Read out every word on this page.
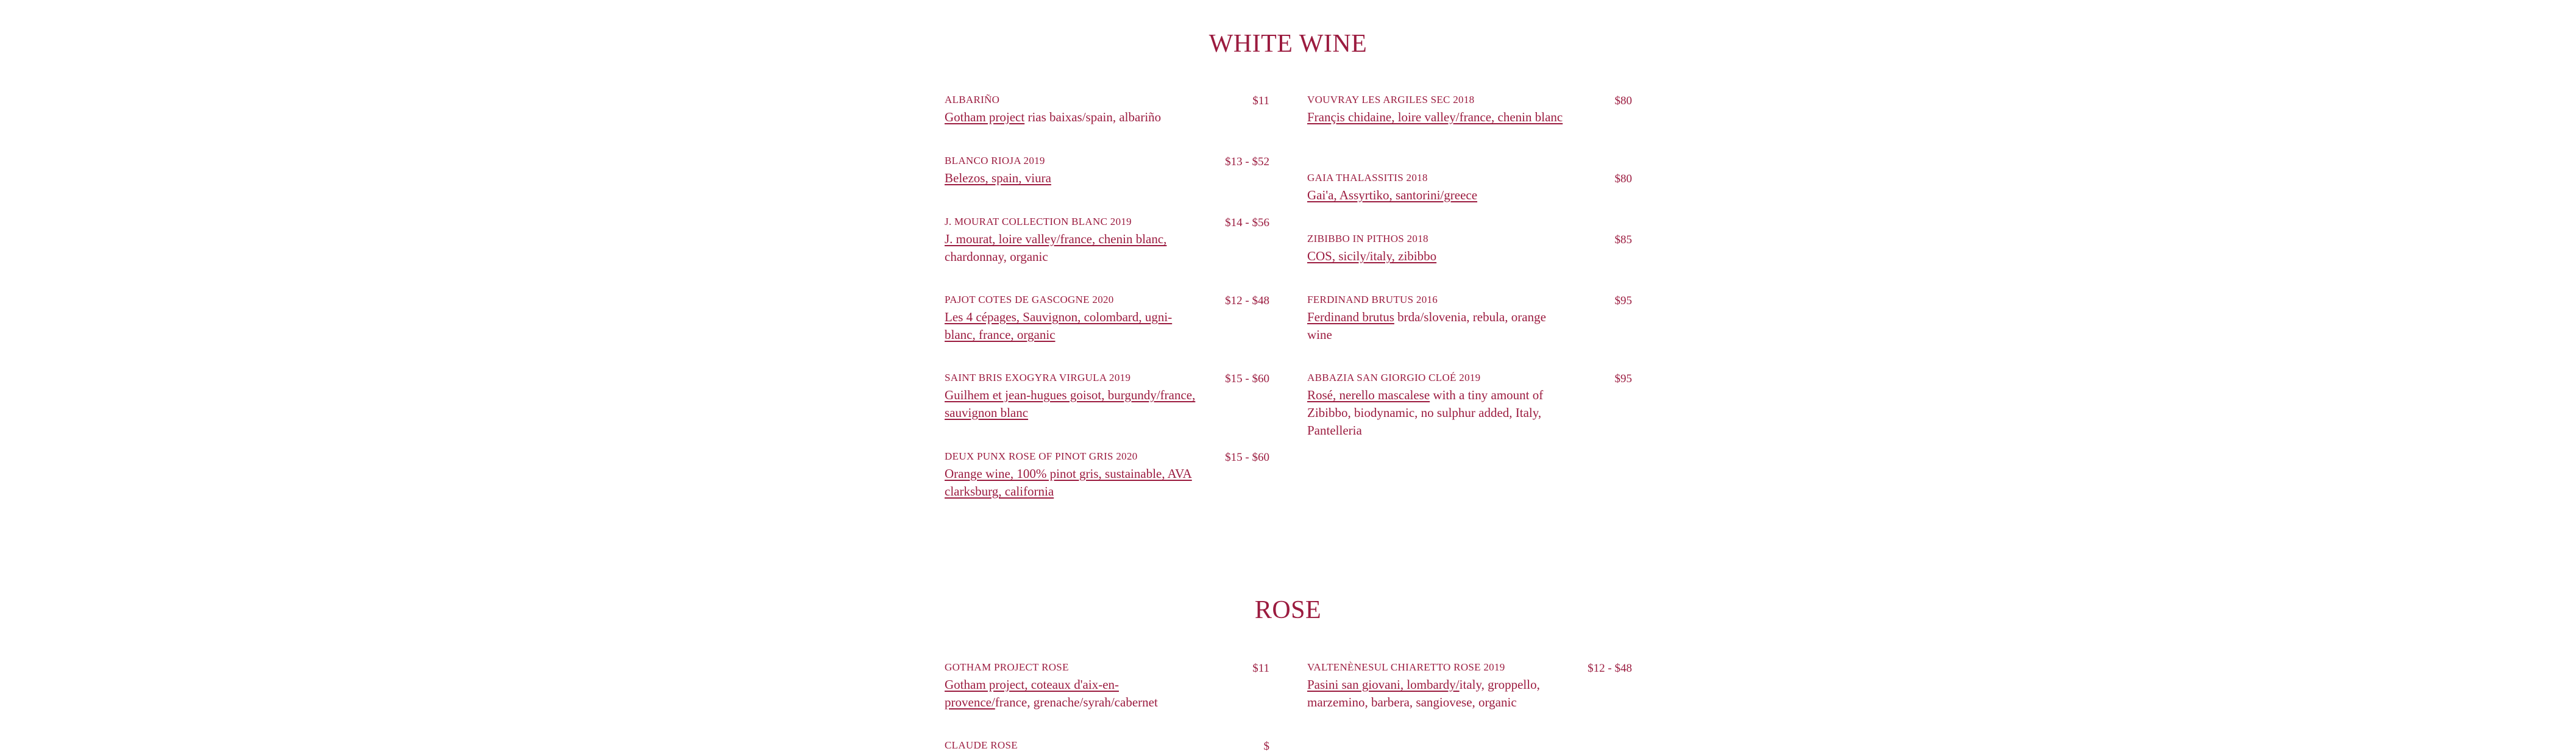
WHITE WINE
ALBARIÑO	$11
Gotham project rias baixas/spain, albariño
BLANCO RIOJA 2019	$13 - $52
Belezos, spain, viura
J. MOURAT COLLECTION BLANC 2019	$14 - $56
J. mourat, loire valley/france, chenin blanc, chardonnay, organic
PAJOT COTES DE GASCOGNE 2020	$12 - $48
Les 4 cépages, Sauvignon, colombard, ugni-blanc, france, organic
SAINT BRIS EXOGYRA VIRGULA 2019	$15 - $60
Guilhem et jean-hugues goisot, burgundy/france, sauvignon blanc
DEUX PUNX ROSE OF PINOT GRIS 2020	$15 - $60
Orange wine, 100% pinot gris, sustainable, AVA clarksburg, california
VOUVRAY LES ARGILES SEC 2018	$80
Françis chidaine, loire valley/france, chenin blanc
GAIA THALASSITIS 2018	$80
Gai'a, Assyrtiko, santorini/greece
ZIBIBBO IN PITHOS 2018	$85
COS, sicily/italy, zibibbo
FERDINAND BRUTUS 2016	$95
Ferdinand brutus brda/slovenia, rebula, orange wine
ABBAZIA SAN GIORGIO CLOÉ 2019	$95
Rosé, nerello mascalese with a tiny amount of Zibibbo, biodynamic, no sulphur added, Italy, Pantelleria
ROSE
GOTHAM PROJECT ROSE	$11
Gotham project, coteaux d'aix-en-provence/france, grenache/syrah/cabernet
CLAUDE ROSE	$
VALTENÈNESUL CHIARETTO ROSE 2019	$12 - $48
Pasini san giovani, lombardy/italy, groppello, marzemino, barbera, sangiovese, organic
